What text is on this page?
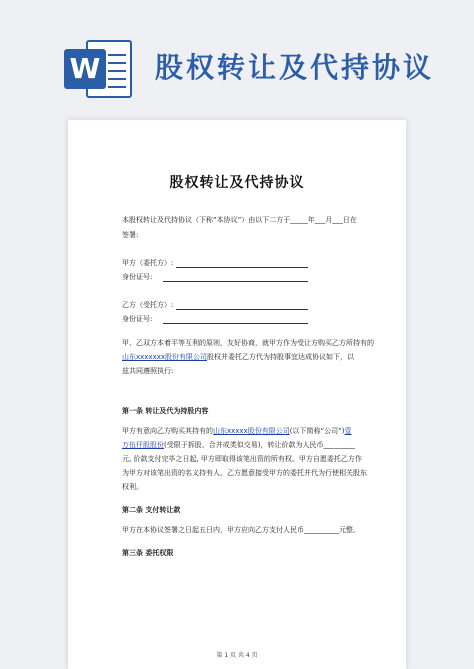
W 股权转让及代持协议
股权转让及代持协议
本股权转让及代持协议（下称“本协议”）由以下二方于_____年___月___日在
签署:
甲方（委托方）:
身份证号:
乙方（受托方）:
身份证号:
甲、乙双方本着平等互利的原则，友好协商，就甲方作为受让方购买乙方所持有的
山东xxxxxxx股份有限公司股权并委托乙方代为持股事宜达成协议如下，以
兹共同遵照执行:
第一条 转让及代为持股内容
甲方有意向乙方购买其持有的山东xxxxx股份有限公司(以下简称“公司”)壹
万伍仟股股份(受限于拆股、合并或类似交易)，转让价款为人民币_________
元, 价款支付完毕之日起, 甲方即取得该笔出资的所有权。甲方自愿委托乙方作
为甲方对该笔出资的名义持有人，乙方愿意接受甲方的委托并代为行使相关股东
权利。
第二条 支付转让款
甲方在本协议签署之日起五日内，甲方应向乙方支付人民币__________元整。
第三条 委托权限
第 1 页 共 4 页
